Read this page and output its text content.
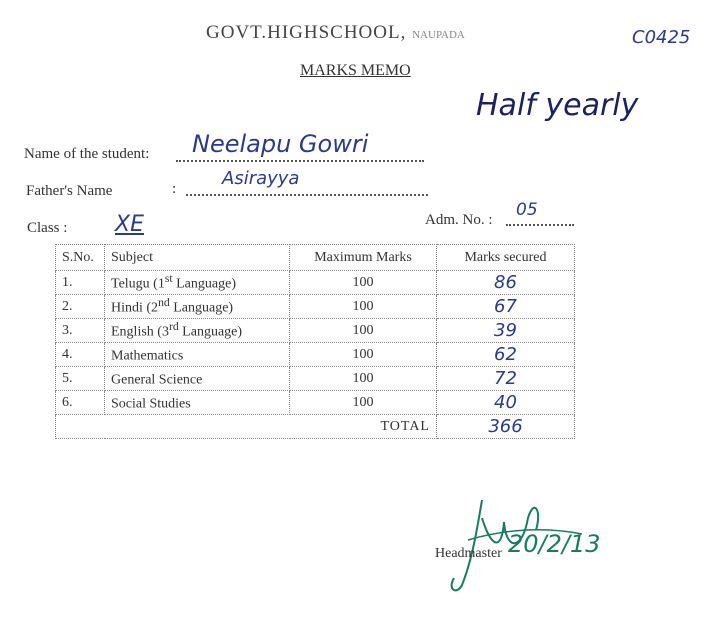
GOVT.HIGHSCHOOL, NAUPADA
MARKS MEMO
C0425
Half yearly
Name of the student: Neelapu Gowri
Father's Name	:	Asirayya
Class : XE	Adm. No. : 05
S.No.	Subject	Maximum Marks	Marks secured
1.	Telugu (1st Language)	100	86
2.	Hindi (2nd Language)	100	67
3.	English (3rd Language)	100	39
4.	Mathematics	100	62
5.	General Science	100	72
6.	Social Studies	100	40
TOTAL			366
Headmaster 20/2/13
